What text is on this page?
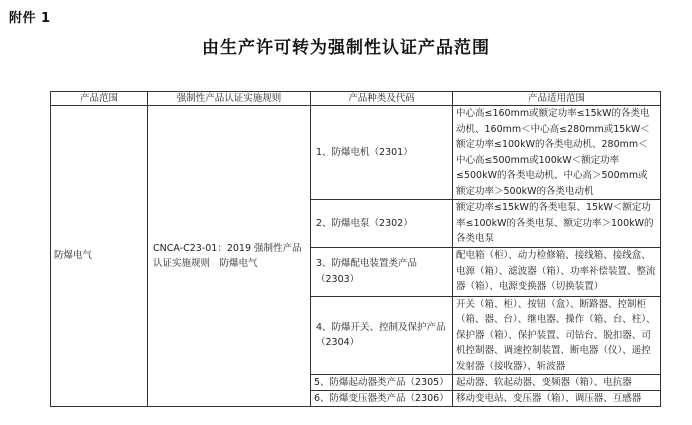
附件 1
由生产许可转为强制性认证产品范围
产品范围	强制性产品认证实施规则	产品种类及代码	产品适用范围
防爆电气	CNCA-C23-01：2019 强制性产品认证实施规则　防爆电气	1、防爆电机（2301）	中心高≤160mm或额定功率≤15kW的各类电动机、160mm＜中心高≤280mm或15kW＜额定功率≤100kW的各类电动机、280mm＜中心高≤500mm或100kW＜额定功率≤500kW的各类电动机、中心高＞500mm或额定功率＞500kW的各类电动机
		2、防爆电泵（2302）	额定功率≤15kW的各类电泵、15kW＜额定功率≤100kW的各类电泵、额定功率＞100kW的各类电泵
		3、防爆配电装置类产品（2303）	配电箱（柜）、动力检修箱、接线箱、接线盒、电源（箱）、滤波器（箱）、功率补偿装置、整流器（箱）、电源变换器（切换装置）
		4、防爆开关、控制及保护产品（2304）	开关（箱、柜）、按钮（盒）、断路器、控制柜（箱、器、台）、继电器、操作（箱、台、柱）、保护器（箱）、保护装置、司钻台、脱扣器、司机控制器、调速控制装置、断电器（仪）、遥控发射器（接收器）、斩波器
		5、防爆起动器类产品（2305）	起动器、软起动器、变频器（箱）、电抗器
		6、防爆变压器类产品（2306）	移动变电站、变压器（箱）、调压器、互感器
